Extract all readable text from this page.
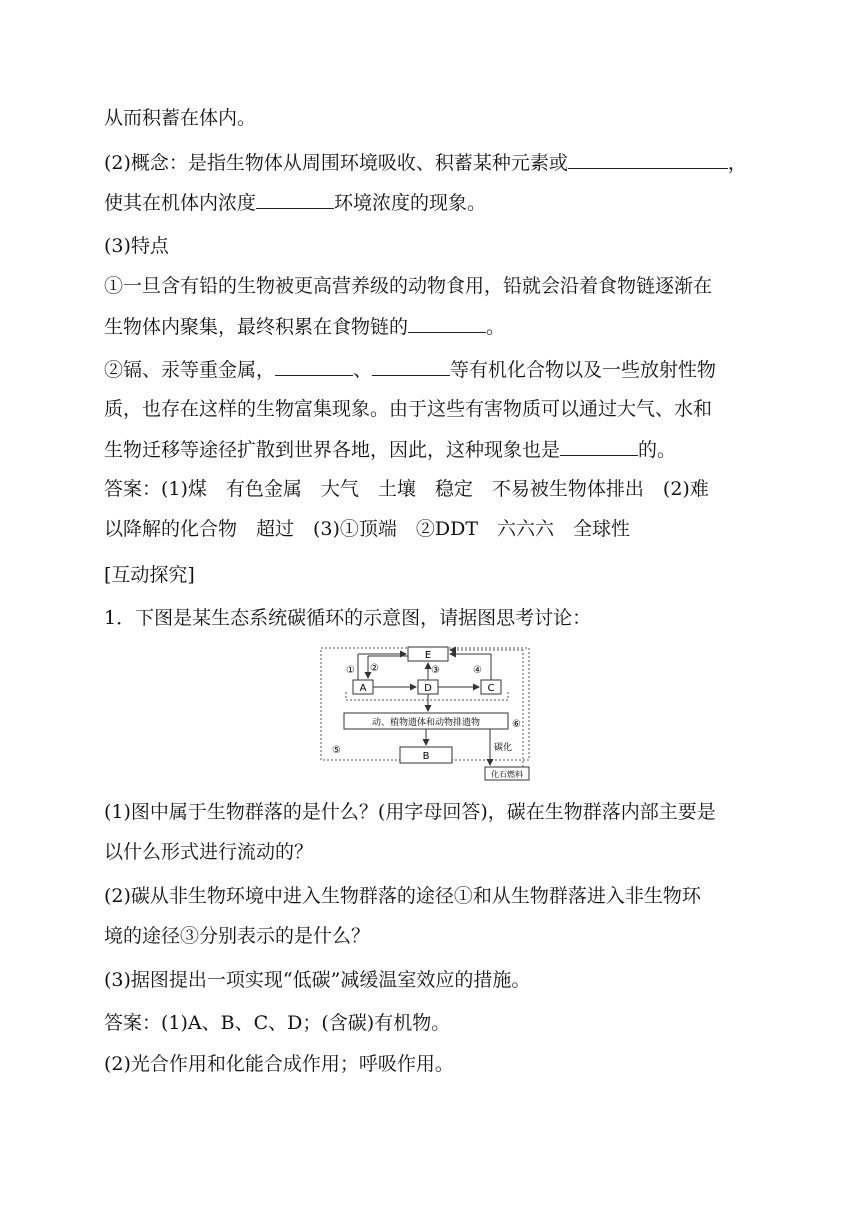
从而积蓄在体内。
(2)概念：是指生物体从周围环境吸收、积蓄某种元素或	，
使其在机体内浓度	环境浓度的现象。
(3)特点
①一旦含有铅的生物被更高营养级的动物食用，铅就会沿着食物链逐渐在
生物体内聚集，最终积累在食物链的	。
②镉、汞等重金属，	、	等有机化合物以及一些放射性物
质，也存在这样的生物富集现象。由于这些有害物质可以通过大气、水和
生物迁移等途径扩散到世界各地，因此，这种现象也是	的。
答案：(1)煤　有色金属　大气　土壤　稳定　不易被生物体排出　(2)难
以降解的化合物　超过　(3)①顶端　②DDT　六六六　全球性
[互动探究]
1．下图是某生态系统碳循环的示意图，请据图思考讨论：
E
A	D	C
动、植物遗体和动物排遗物
B
化石燃料
① ②	③	④
⑤
⑥
碳化
(1)图中属于生物群落的是什么？(用字母回答)，碳在生物群落内部主要是
以什么形式进行流动的？
(2)碳从非生物环境中进入生物群落的途径①和从生物群落进入非生物环
境的途径③分别表示的是什么？
(3)据图提出一项实现“低碳”减缓温室效应的措施。
答案：(1)A、B、C、D；(含碳)有机物。
(2)光合作用和化能合成作用；呼吸作用。
